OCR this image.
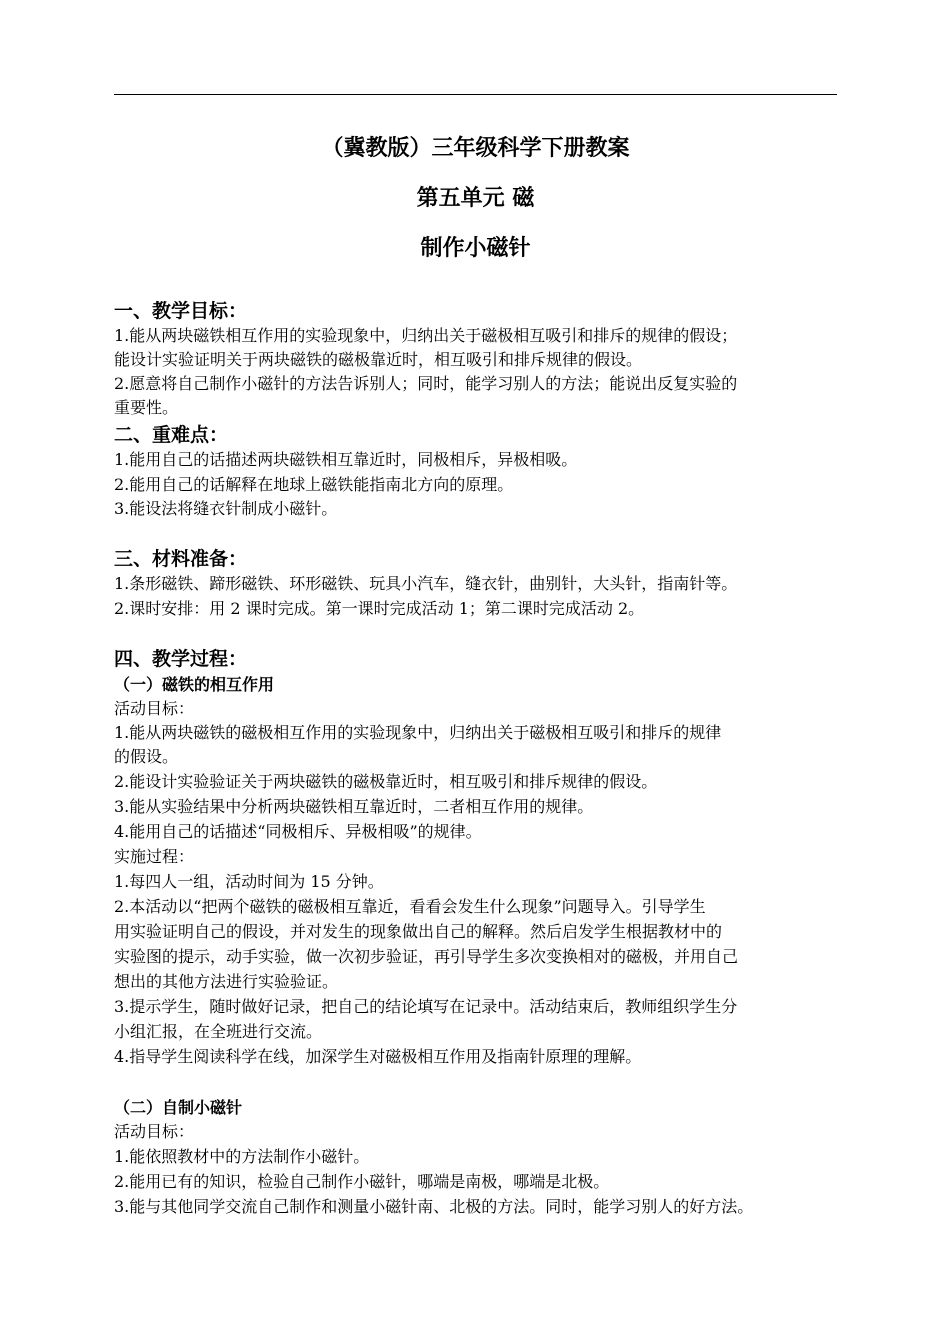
（冀教版）三年级科学下册教案
第五单元 磁
制作小磁针
一、教学目标：
1.能从两块磁铁相互作用的实验现象中，归纳出关于磁极相互吸引和排斥的规律的假设；
能设计实验证明关于两块磁铁的磁极靠近时，相互吸引和排斥规律的假设。
2.愿意将自己制作小磁针的方法告诉别人；同时，能学习别人的方法；能说出反复实验的
重要性。
二、重难点：
1.能用自己的话描述两块磁铁相互靠近时，同极相斥，异极相吸。
2.能用自己的话解释在地球上磁铁能指南北方向的原理。
3.能设法将缝衣针制成小磁针。
三、材料准备：
1.条形磁铁、蹄形磁铁、环形磁铁、玩具小汽车，缝衣针，曲别针，大头针，指南针等。
2.课时安排：用 2 课时完成。第一课时完成活动 1；第二课时完成活动 2。
四、教学过程：
（一）磁铁的相互作用
活动目标：
1.能从两块磁铁的磁极相互作用的实验现象中，归纳出关于磁极相互吸引和排斥的规律
的假设。
2.能设计实验验证关于两块磁铁的磁极靠近时，相互吸引和排斥规律的假设。
3.能从实验结果中分析两块磁铁相互靠近时，二者相互作用的规律。
4.能用自己的话描述“同极相斥、异极相吸”的规律。
实施过程：
1.每四人一组，活动时间为 15 分钟。
2.本活动以“把两个磁铁的磁极相互靠近，看看会发生什么现象”问题导入。引导学生
用实验证明自己的假设，并对发生的现象做出自己的解释。然后启发学生根据教材中的
实验图的提示，动手实验，做一次初步验证，再引导学生多次变换相对的磁极，并用自己
想出的其他方法进行实验验证。
3.提示学生，随时做好记录，把自己的结论填写在记录中。活动结束后，教师组织学生分
小组汇报，在全班进行交流。
4.指导学生阅读科学在线，加深学生对磁极相互作用及指南针原理的理解。
（二）自制小磁针
活动目标：
1.能依照教材中的方法制作小磁针。
2.能用已有的知识，检验自己制作小磁针，哪端是南极，哪端是北极。
3.能与其他同学交流自己制作和测量小磁针南、北极的方法。同时，能学习别人的好方法。
